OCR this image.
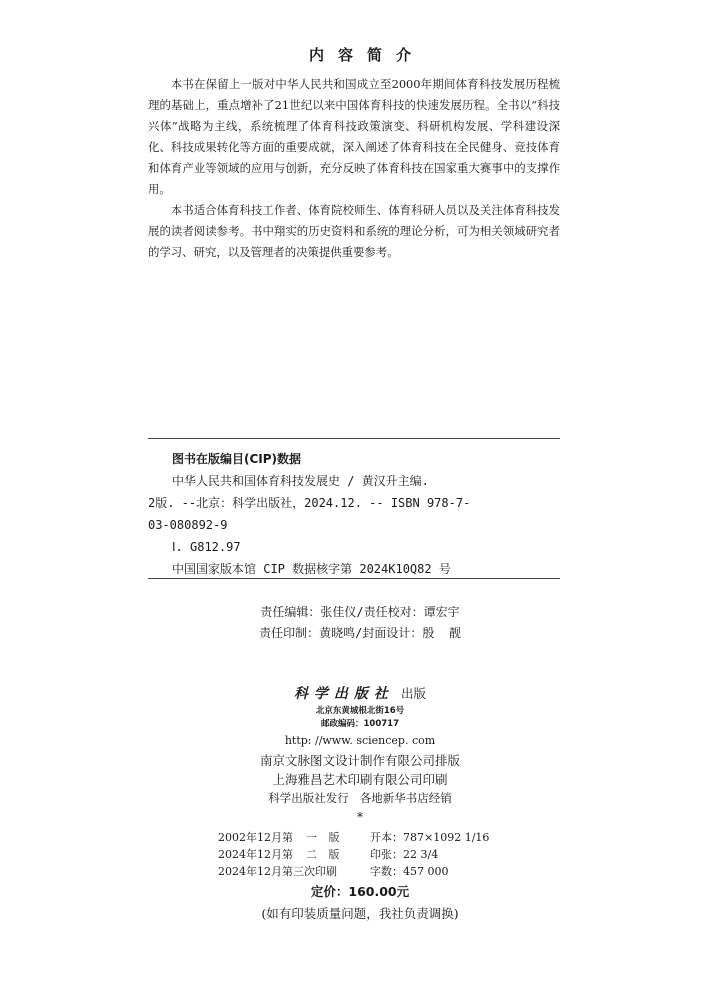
内容简介

本书在保留上一版对中华人民共和国成立至2000年期间体育科技发展历程梳理的基础上，重点增补了21世纪以来中国体育科技的快速发展历程。全书以“科技兴体”战略为主线，系统梳理了体育科技政策演变、科研机构发展、学科建设深化、科技成果转化等方面的重要成就，深入阐述了体育科技在全民健身、竞技体育和体育产业等领域的应用与创新，充分反映了体育科技在国家重大赛事中的支撑作用。

本书适合体育科技工作者、体育院校师生、体育科研人员以及关注体育科技发展的读者阅读参考。书中翔实的历史资料和系统的理论分析，可为相关领域研究者的学习、研究，以及管理者的决策提供重要参考。

图书在版编目(CIP)数据
中华人民共和国体育科技发展史 / 黄汉升主编.
2版. --北京：科学出版社，2024.12. -- ISBN 978-7-
03-080892-9
Ⅰ. G812.97
中国国家版本馆 CIP 数据核字第 2024K10Q82 号
责任编辑：张佳仪/责任校对：谭宏宇
责任印制：黄晓鸣/封面设计：殷  靓
科学出版社 出版
北京东黄城根北街16号
邮政编码：100717
http: //www. sciencep. com
南京文脉图文设计制作有限公司排版
上海雅昌艺术印刷有限公司印刷
科学出版社发行   各地新华书店经销
*
2002年12月第 一 版 开本：787×1092 1/16
2024年12月第 二 版 印张：22 3/4
2024年12月第三次印刷	字数：457 000
定价：160.00元
(如有印装质量问题，我社负责调换)
